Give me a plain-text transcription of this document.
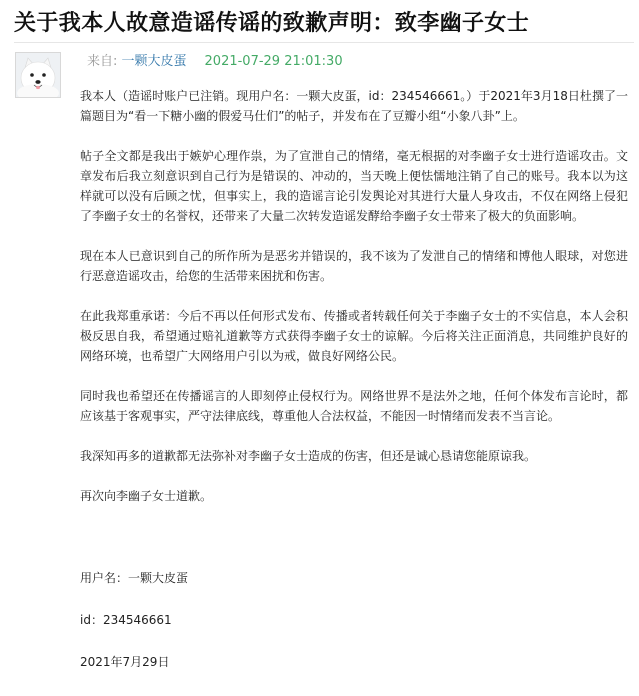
关于我本人故意造谣传谣的致歉声明：致李幽子女士
来自: 一颗大皮蛋 2021-07-29 21:01:30

我本人（造谣时账户已注销。现用户名：一颗大皮蛋，id：234546661。）于2021年3月18日杜撰了一篇题目为“看一下糖小幽的假爱马仕们”的帖子，并发布在了豆瓣小组“小象八卦”上。

帖子全文都是我出于嫉妒心理作祟，为了宣泄自己的情绪，毫无根据的对李幽子女士进行造谣攻击。文章发布后我立刻意识到自己行为是错误的、冲动的，当天晚上便怯懦地注销了自己的账号。我本以为这样就可以没有后顾之忧，但事实上，我的造谣言论引发舆论对其进行大量人身攻击，不仅在网络上侵犯了李幽子女士的名誉权，还带来了大量二次转发造谣发酵给李幽子女士带来了极大的负面影响。

现在本人已意识到自己的所作所为是恶劣并错误的，我不该为了发泄自己的情绪和博他人眼球，对您进行恶意造谣攻击，给您的生活带来困扰和伤害。

在此我郑重承诺：今后不再以任何形式发布、传播或者转载任何关于李幽子女士的不实信息，本人会积极反思自我，希望通过赔礼道歉等方式获得李幽子女士的谅解。今后将关注正面消息，共同维护良好的网络环境，也希望广大网络用户引以为戒，做良好网络公民。

同时我也希望还在传播谣言的人即刻停止侵权行为。网络世界不是法外之地，任何个体发布言论时，都应该基于客观事实，严守法律底线，尊重他人合法权益，不能因一时情绪而发表不当言论。

我深知再多的道歉都无法弥补对李幽子女士造成的伤害，但还是诚心恳请您能原谅我。

再次向李幽子女士道歉。

用户名：一颗大皮蛋

id：234546661

2021年7月29日
